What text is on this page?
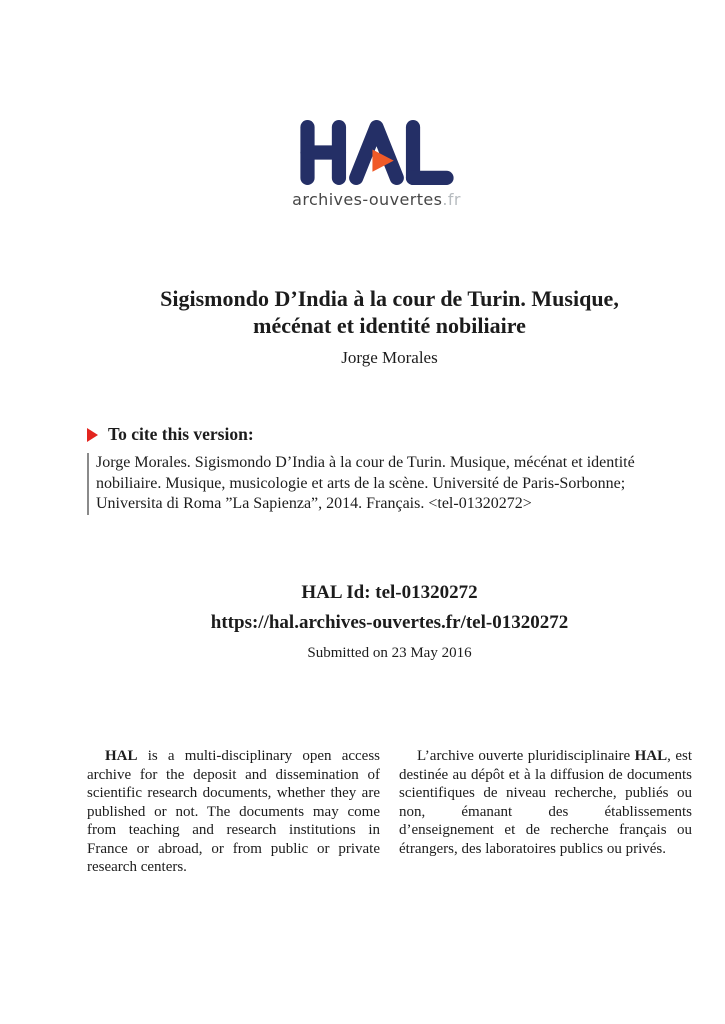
archives-ouvertes.fr
Sigismondo D’India à la cour de Turin. Musique,
mécénat et identité nobiliaire
Jorge Morales
To cite this version:
Jorge Morales. Sigismondo D’India à la cour de Turin. Musique, mécénat et identité nobiliaire. Musique, musicologie et arts de la scène. Université de Paris-Sorbonne; Universita di Roma ”La Sapienza”, 2014. Français. <tel-01320272>
HAL Id: tel-01320272
https://hal.archives-ouvertes.fr/tel-01320272
Submitted on 23 May 2016

HAL is a multi-disciplinary open access archive for the deposit and dissemination of scientific research documents, whether they are published or not. The documents may come from teaching and research institutions in France or abroad, or from public or private research centers.

L’archive ouverte pluridisciplinaire HAL, est destinée au dépôt et à la diffusion de documents scientifiques de niveau recherche, publiés ou non, émanant des établissements d’enseignement et de recherche français ou étrangers, des laboratoires publics ou privés.
